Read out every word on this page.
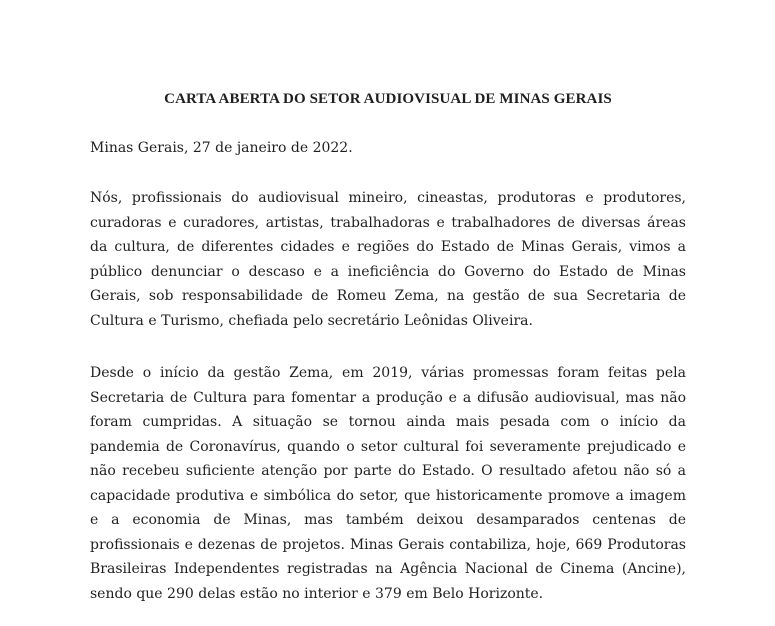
CARTA ABERTA DO SETOR AUDIOVISUAL DE MINAS GERAIS

Minas Gerais, 27 de janeiro de 2022.

Nós, profissionais do audiovisual mineiro, cineastas, produtoras e produtores, curadoras e curadores, artistas, trabalhadoras e trabalhadores de diversas áreas da cultura, de diferentes cidades e regiões do Estado de Minas Gerais, vimos a público denunciar o descaso e a ineficiência do Governo do Estado de Minas Gerais, sob responsabilidade de Romeu Zema, na gestão de sua Secretaria de Cultura e Turismo, chefiada pelo secretário Leônidas Oliveira.

Desde o início da gestão Zema, em 2019, várias promessas foram feitas pela Secretaria de Cultura para fomentar a produção e a difusão audiovisual, mas não foram cumpridas. A situação se tornou ainda mais pesada com o início da pandemia de Coronavírus, quando o setor cultural foi severamente prejudicado e não recebeu suficiente atenção por parte do Estado. O resultado afetou não só a capacidade produtiva e simbólica do setor, que historicamente promove a imagem e a economia de Minas, mas também deixou desamparados centenas de profissionais e dezenas de projetos. Minas Gerais contabiliza, hoje, 669 Produtoras Brasileiras Independentes registradas na Agência Nacional de Cinema (Ancine), sendo que 290 delas estão no interior e 379 em Belo Horizonte.
